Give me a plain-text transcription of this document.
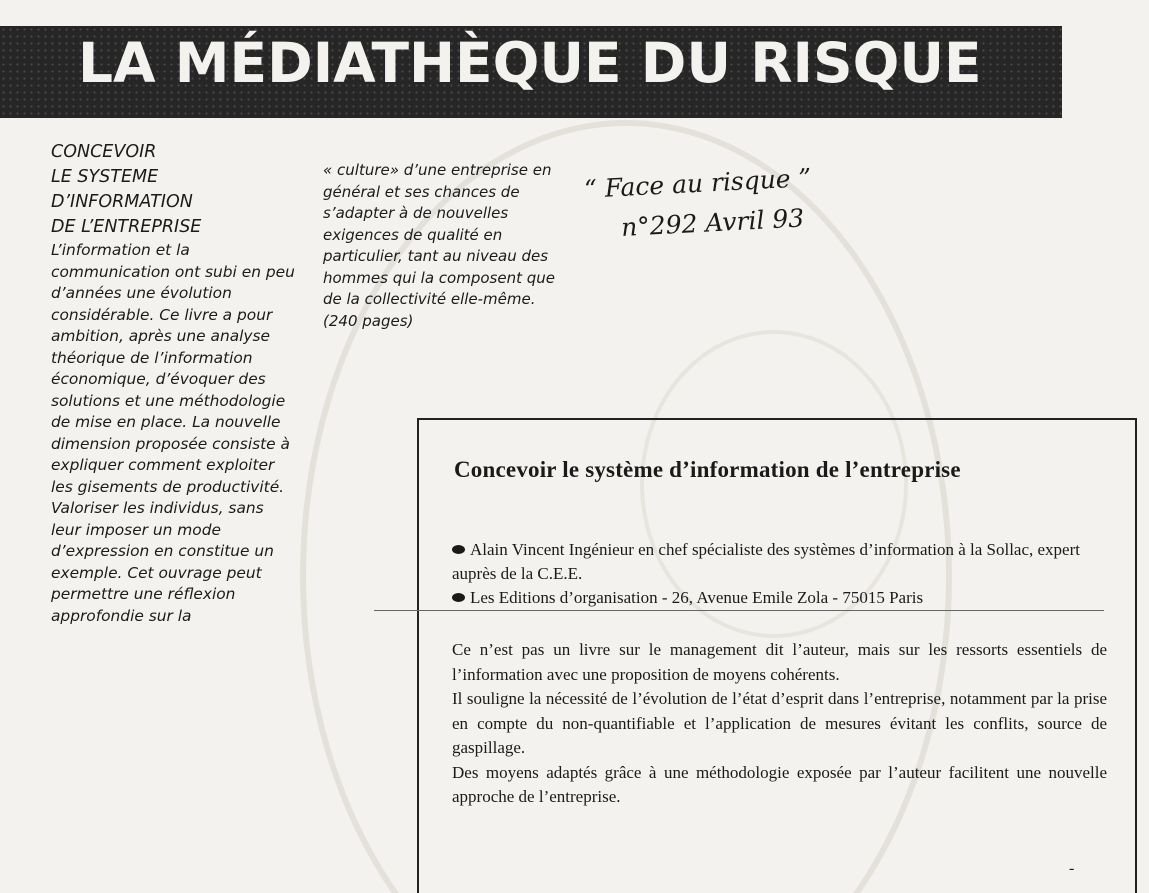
LA MÉDIATHÈQUE DU RISQUE
CONCEVOIR
LE SYSTEME
D’INFORMATION
DE L’ENTREPRISE
L’information et la communication ont subi en peu d’années une évolution considérable. Ce livre a pour ambition, après une analyse théorique de l’information économique, d’évoquer des solutions et une méthodologie de mise en place. La nouvelle dimension proposée consiste à expliquer comment exploiter les gisements de productivité. Valoriser les individus, sans leur imposer un mode d’expression en constitue un exemple. Cet ouvrage peut permettre une réflexion approfondie sur la
« culture» d’une entreprise en général et ses chances de s’adapter à de nouvelles exigences de qualité en particulier, tant au niveau des hommes qui la composent que de la collectivité elle-même.
(240 pages)
“ Face au risque ”
n°292 Avril 93
Concevoir le système d’information de l’entreprise

Alain Vincent Ingénieur en chef spécialiste des systèmes d’information à la Sollac, expert auprès de la C.E.E.

Les Editions d’organisation - 26, Avenue Emile Zola - 75015 Paris

Ce n’est pas un livre sur le management dit l’auteur, mais sur les ressorts essentiels de l’information avec une proposition de moyens cohérents.

Il souligne la nécessité de l’évolution de l’état d’esprit dans l’entreprise, notamment par la prise en compte du non-quantifiable et l’application de mesures évitant les conflits, source de gaspillage.

Des moyens adaptés grâce à une méthodologie exposée par l’auteur facilitent une nouvelle approche de l’entreprise.

-
